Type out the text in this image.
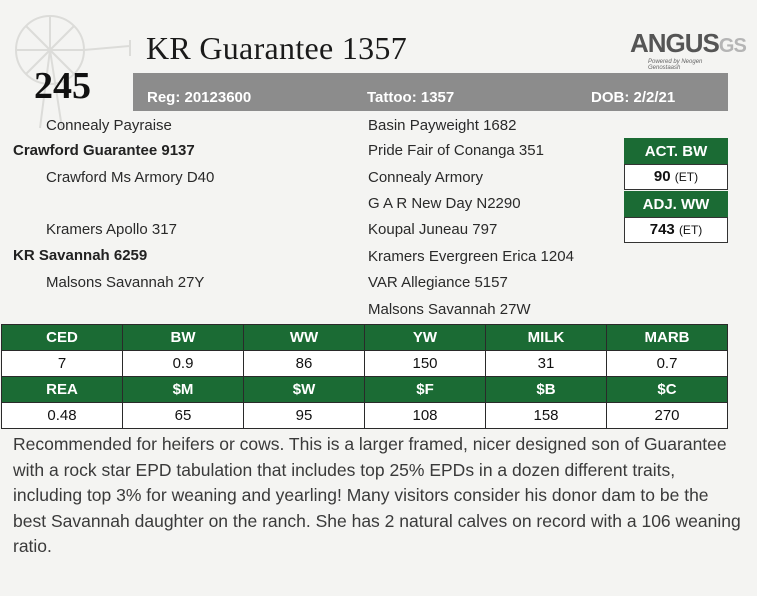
245
KR Guarantee 1357	ANGUSGS
Powered by Neogen Genostaash
Reg: 20123600	Tattoo: 1357	DOB: 2/2/21
Connealy Payraise
Crawford Guarantee 9137
Crawford Ms Armory D40
Kramers Apollo 317
KR Savannah 6259
Malsons Savannah 27Y
Basin Payweight 1682
Pride Fair of Conanga 351
Connealy Armory
G A R New Day N2290
Koupal Juneau 797
Kramers Evergreen Erica 1204
VAR Allegiance 5157
Malsons Savannah 27W
ACT. BW
90 (ET)
ADJ. WW
743 (ET)
CED	BW	WW	YW	MILK	MARB
7	0.9	86	150	31	0.7
REA	$M	$W	$F	$B	$C
0.48	65	95	108	158	270
Recommended for heifers or cows. This is a larger framed, nicer designed son of Guarantee with a rock star EPD tabulation that includes top 25% EPDs in a dozen different traits, including top 3% for weaning and yearling! Many visitors consider his donor dam to be the best Savannah daughter on the ranch. She has 2 natural calves on record with a 106 weaning ratio.
